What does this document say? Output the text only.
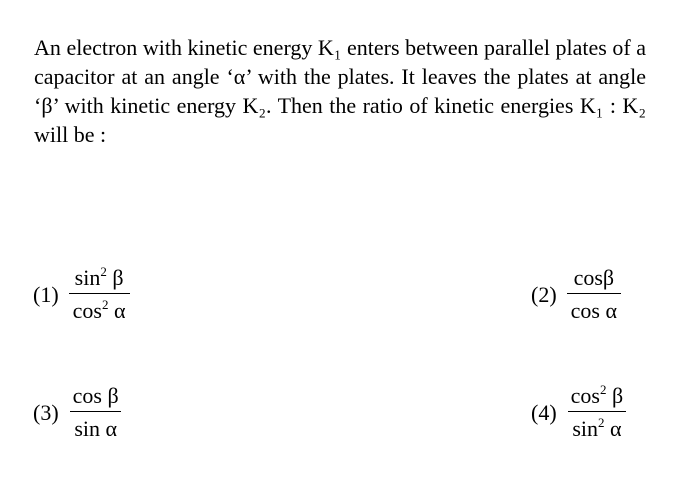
An electron with kinetic energy K₁ enters between parallel plates of a capacitor at an angle ‘α’ with the plates. It leaves the plates at angle ‘β’ with kinetic energy K₂. Then the ratio of kinetic energies K₁ : K₂ will be :
$(1) \frac{\sin^2 \beta}{\cos^2 \alpha}$	$(2) \frac{\cos\beta}{\text{cos α}}$
$(3) \frac{\text{cos β}}{\text{sin α}}$	$(4) \frac{\cos^2 \beta}{\sin^2 \alpha}$
